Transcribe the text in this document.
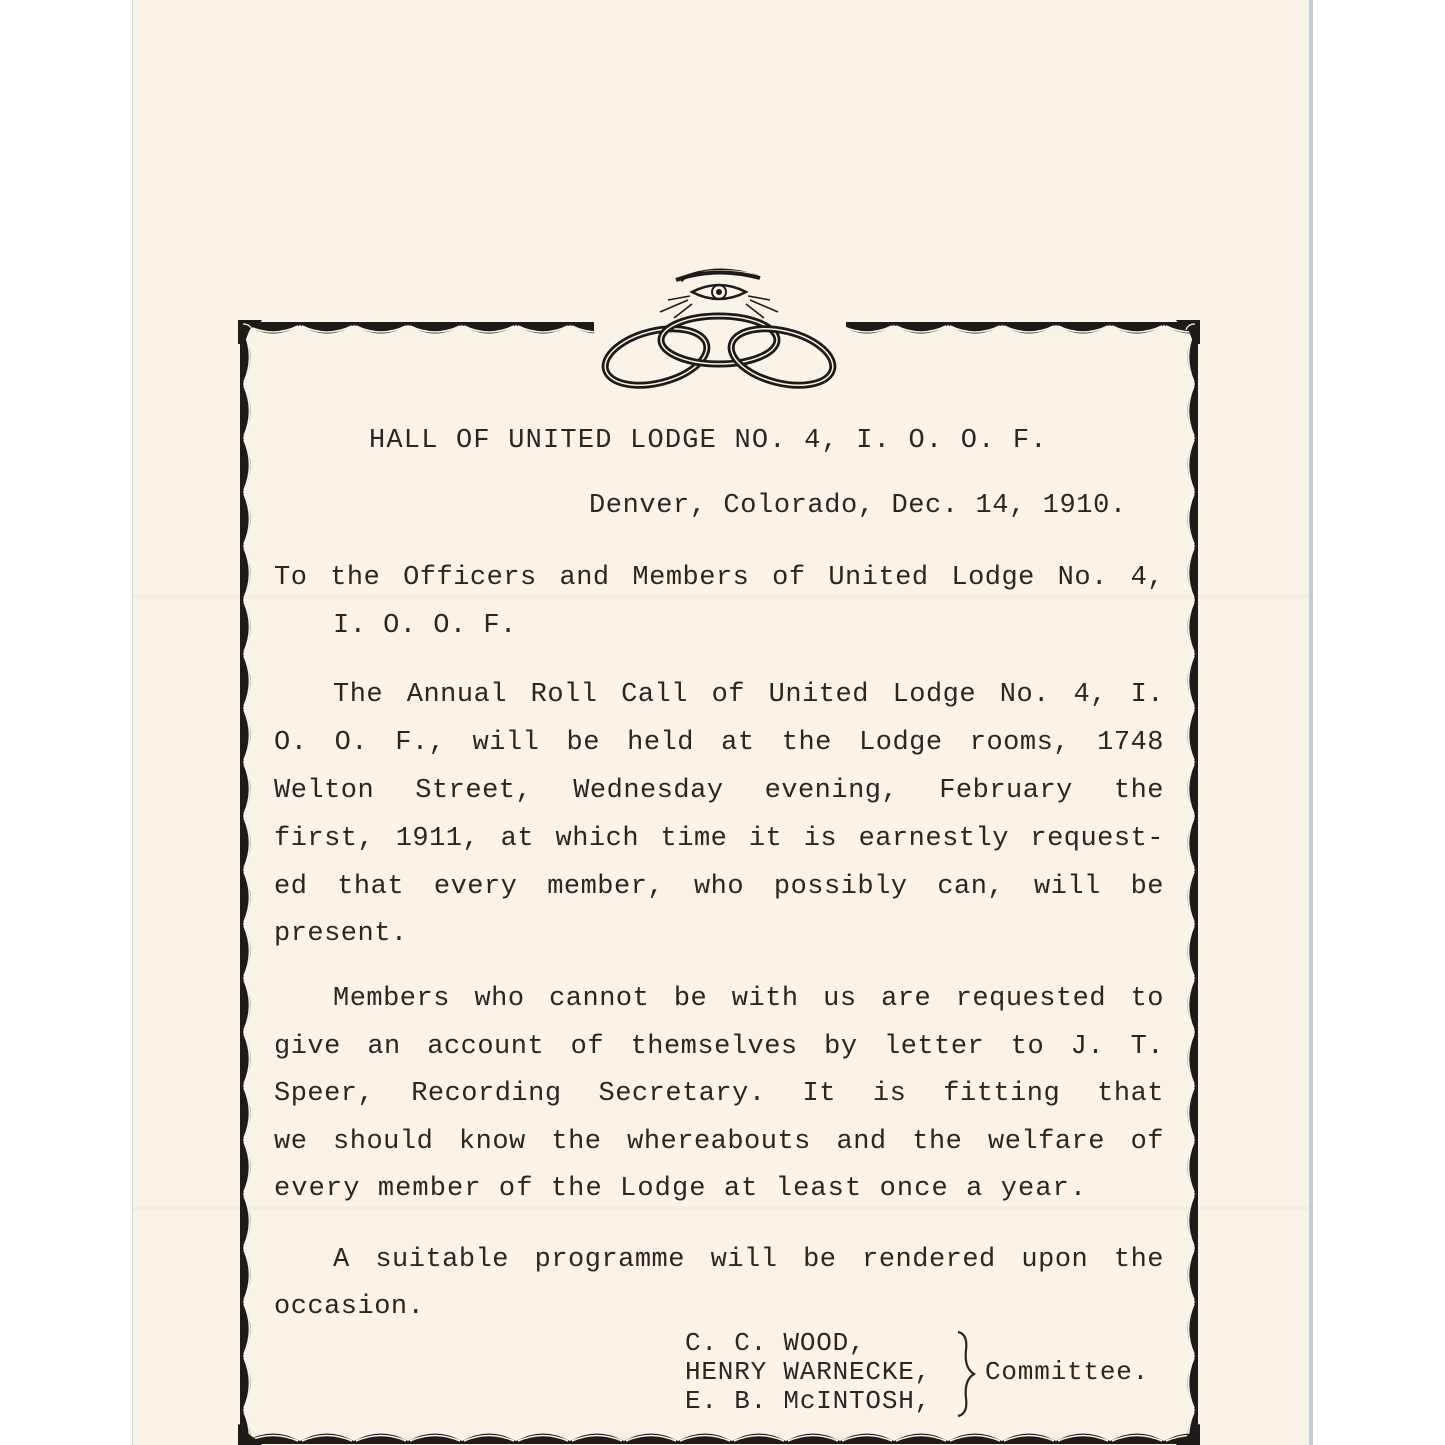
HALL OF UNITED LODGE NO. 4, I. O. O. F.
Denver, Colorado, Dec. 14, 1910.
To the Officers and Members of United Lodge No. 4,
I. O. O. F.
The Annual Roll Call of United Lodge No. 4, I.
O. O. F., will be held at the Lodge rooms, 1748
Welton Street, Wednesday evening, February the
first, 1911, at which time it is earnestly request-
ed that every member, who possibly can, will be
present.
Members who cannot be with us are requested to
give an account of themselves by letter to J. T.
Speer, Recording Secretary. It is fitting that
we should know the whereabouts and the welfare of
every member of the Lodge at least once a year.
A suitable programme will be rendered upon the
occasion.
C. C. WOOD,
HENRY WARNECKE,
E. B. McINTOSH,
Committee.
